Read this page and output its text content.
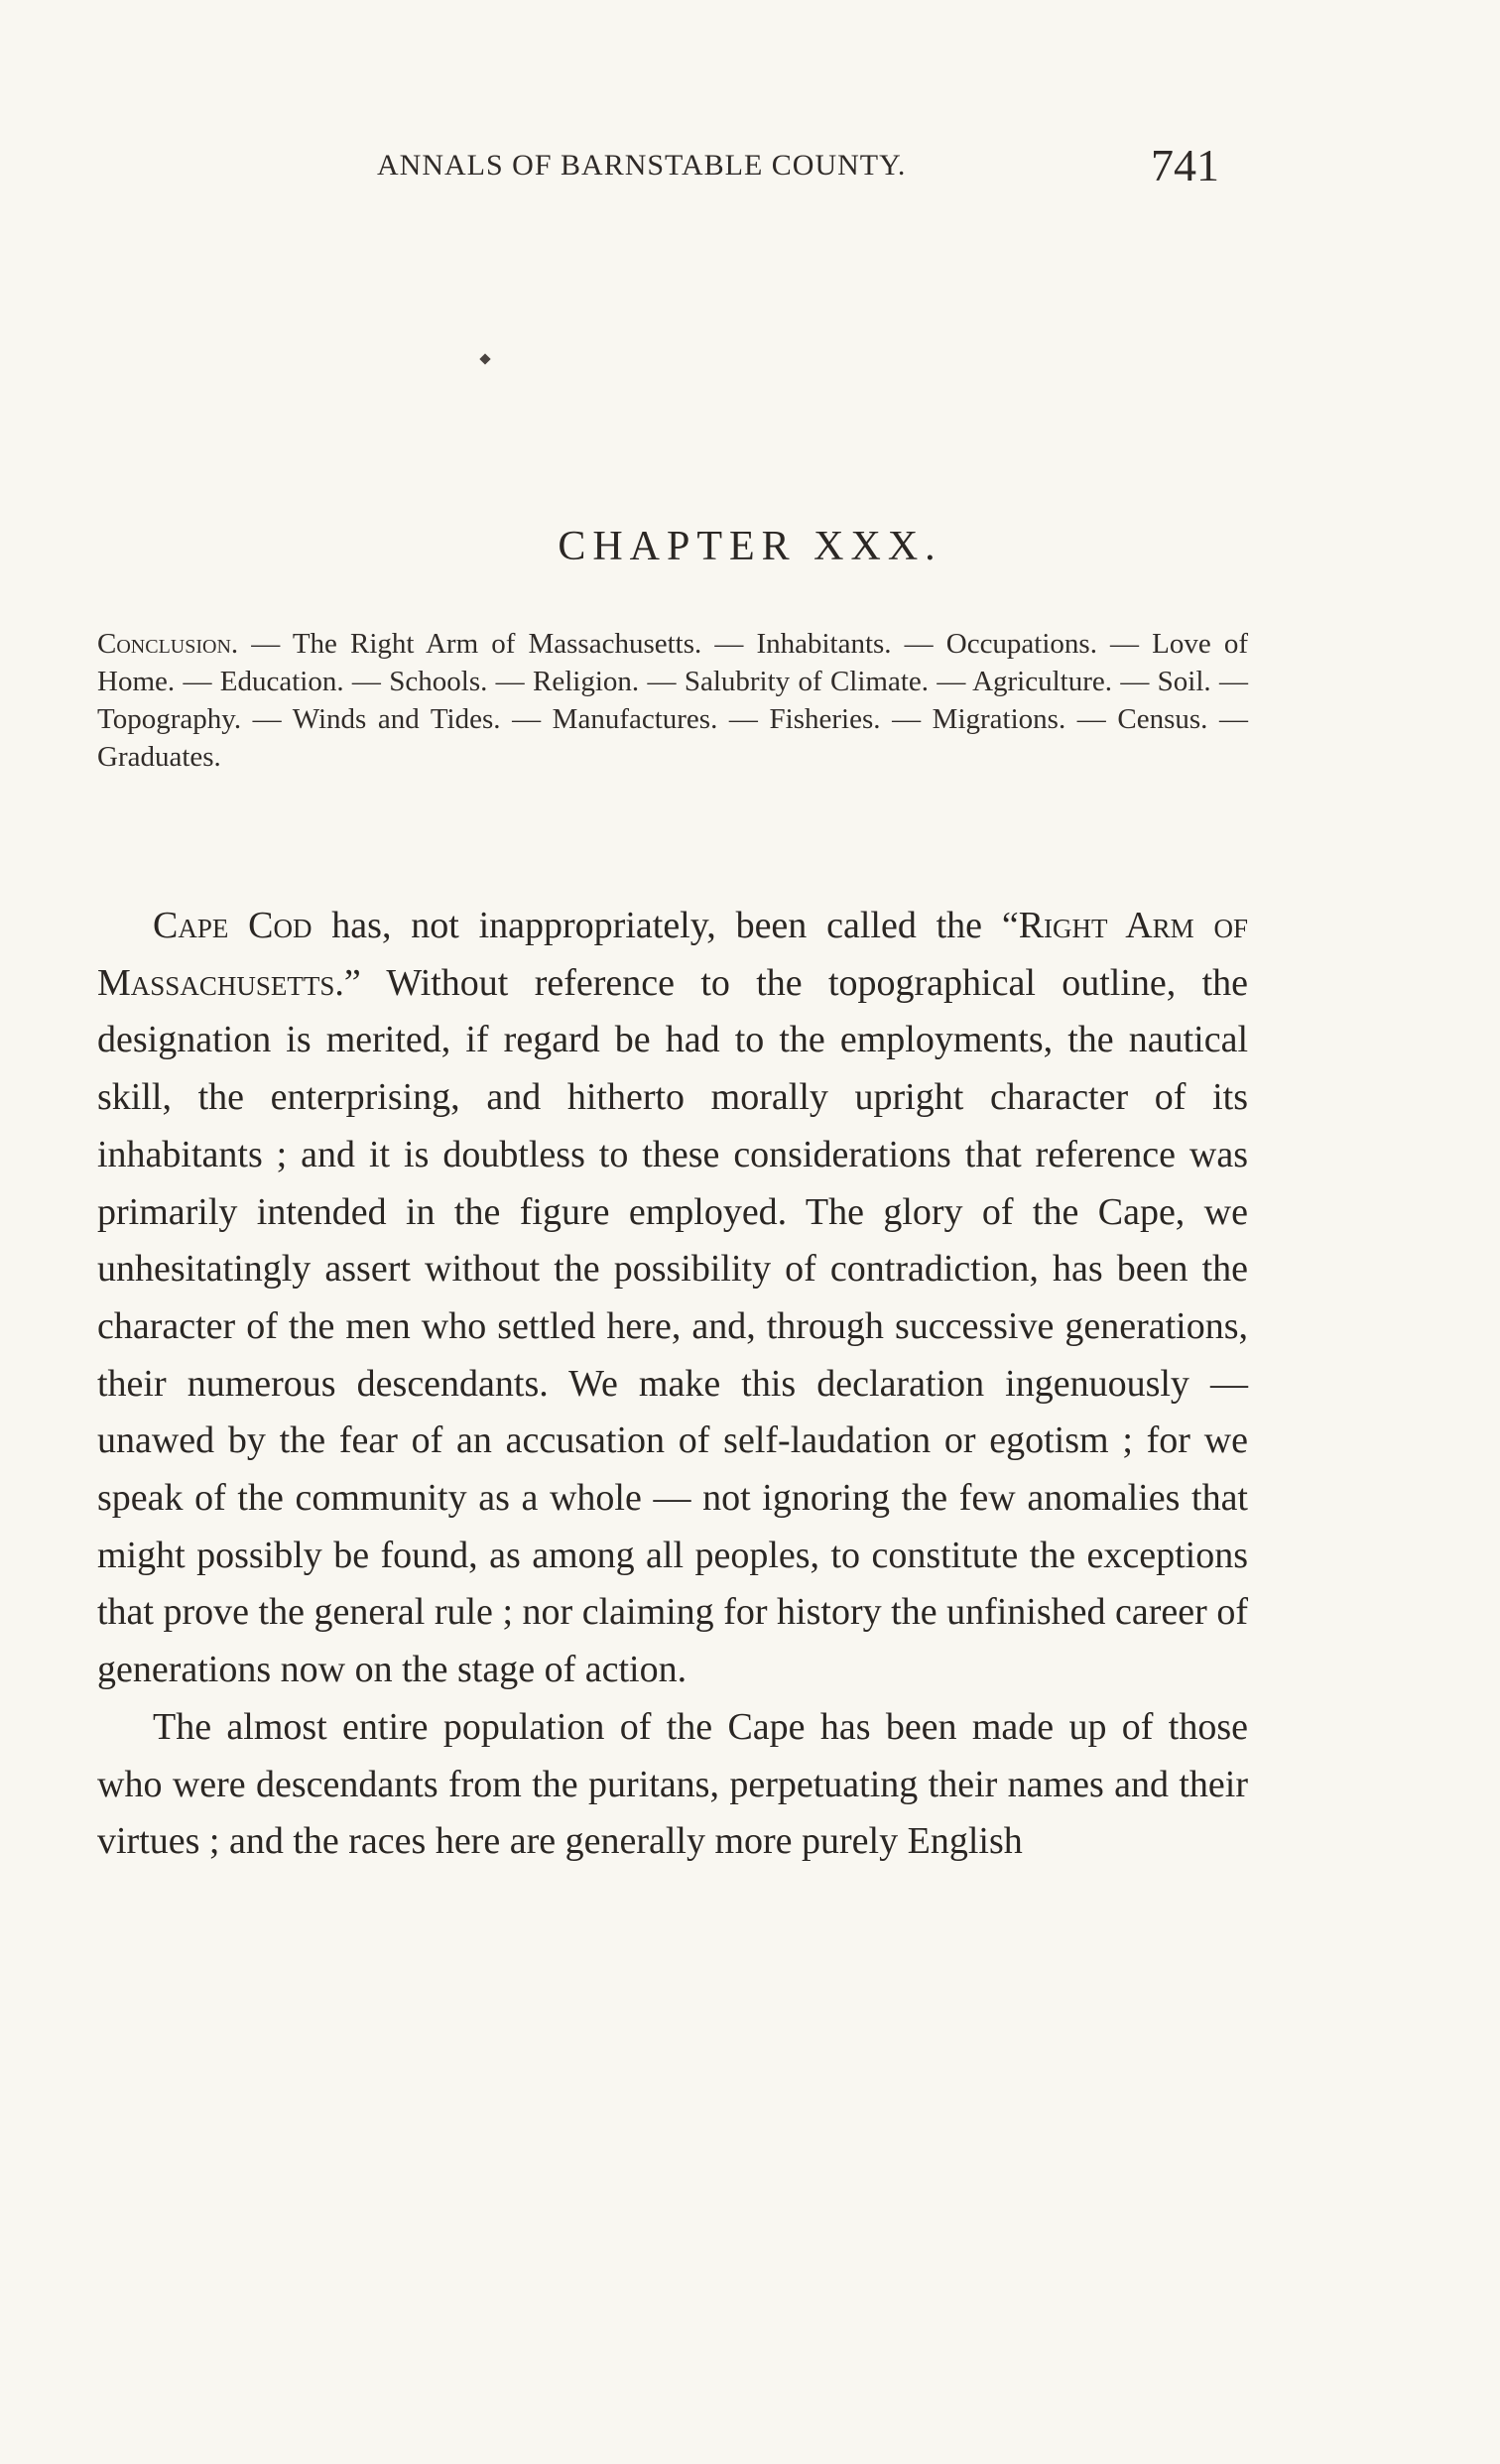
ANNALS OF BARNSTABLE COUNTY.	741
CHAPTER XXX.
Conclusion. — The Right Arm of Massachusetts. — Inhabitants. — Occupations. — Love of Home. — Education. — Schools. — Religion. — Salubrity of Climate. — Agriculture. — Soil. — Topography. — Winds and Tides. — Manufactures. — Fisheries. — Migrations. — Census. — Graduates.

Cape Cod has, not inappropriately, been called the “Right Arm of Massachusetts.” Without reference to the topographical outline, the designation is merited, if regard be had to the employments, the nautical skill, the enterprising, and hitherto morally upright character of its inhabitants ; and it is doubtless to these considerations that reference was primarily intended in the figure employed. The glory of the Cape, we unhesitatingly assert without the possibility of contradiction, has been the character of the men who settled here, and, through successive generations, their numerous descendants. We make this declaration ingenuously — unawed by the fear of an accusation of self-laudation or egotism ; for we speak of the community as a whole — not ignoring the few anomalies that might possibly be found, as among all peoples, to constitute the exceptions that prove the general rule ; nor claiming for history the unfinished career of generations now on the stage of action.

The almost entire population of the Cape has been made up of those who were descendants from the puritans, perpetuating their names and their virtues ; and the races here are generally more purely English
